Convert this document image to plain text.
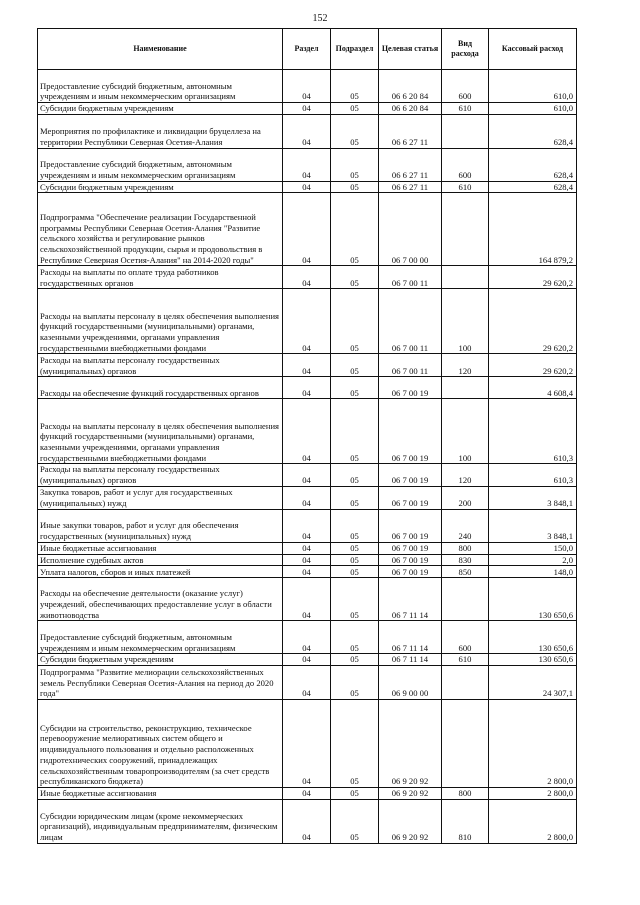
152
Наименование	Раздел	Подраздел	Целевая статья	Вид расхода	Кассовый расход
Предоставление субсидий бюджетным, автономным учреждениям и иным некоммерческим организациям	04	05	06 6 20 84	600	610,0
Субсидии бюджетным учреждениям	04	05	06 6 20 84	610	610,0
Мероприятия по профилактике и ликвидации бруцеллеза на территории Республики Северная Осетия-Алания	04	05	06 6 27 11		628,4
Предоставление субсидий бюджетным, автономным учреждениям и иным некоммерческим организациям	04	05	06 6 27 11	600	628,4
Субсидии бюджетным учреждениям	04	05	06 6 27 11	610	628,4
Подпрограмма "Обеспечение реализации Государственной программы Республики Северная Осетия-Алания "Развитие сельского хозяйства и регулирование рынков сельскохозяйственной продукции, сырья и продовольствия в Республике Северная Осетия-Алания" на 2014-2020 годы"	04	05	06 7 00 00		164 879,2
Расходы на выплаты по оплате труда работников государственных органов	04	05	06 7 00 11		29 620,2
Расходы на выплаты персоналу в целях обеспечения выполнения функций государственными (муниципальными) органами, казенными учреждениями, органами управления государственными внебюджетными фондами	04	05	06 7 00 11	100	29 620,2
Расходы на выплаты персоналу государственных (муниципальных) органов	04	05	06 7 00 11	120	29 620,2
Расходы на обеспечение функций государственных органов	04	05	06 7 00 19		4 608,4
Расходы на выплаты персоналу в целях обеспечения выполнения функций государственными (муниципальными) органами, казенными учреждениями, органами управления государственными внебюджетными фондами	04	05	06 7 00 19	100	610,3
Расходы на выплаты персоналу государственных (муниципальных) органов	04	05	06 7 00 19	120	610,3
Закупка товаров, работ и услуг для государственных (муниципальных) нужд	04	05	06 7 00 19	200	3 848,1
Иные закупки товаров, работ и услуг для обеспечения государственных (муниципальных) нужд	04	05	06 7 00 19	240	3 848,1
Иные бюджетные ассигнования	04	05	06 7 00 19	800	150,0
Исполнение судебных актов	04	05	06 7 00 19	830	2,0
Уплата налогов, сборов и иных платежей	04	05	06 7 00 19	850	148,0
Расходы на обеспечение деятельности (оказание услуг) учреждений, обеспечивающих предоставление услуг в области животноводства	04	05	06 7 11 14		130 650,6
Предоставление субсидий бюджетным, автономным учреждениям и иным некоммерческим организациям	04	05	06 7 11 14	600	130 650,6
Субсидии бюджетным учреждениям	04	05	06 7 11 14	610	130 650,6
Подпрограмма "Развитие мелиорации сельскохозяйственных земель Республики Северная Осетия-Алания на период до 2020 года"	04	05	06 9 00 00		24 307,1
Субсидии на строительство, реконструкцию, техническое перевооружение мелиоративных систем общего и индивидуального пользования и отдельно расположенных гидротехнических сооружений, принадлежащих сельскохозяйственным товаропроизводителям (за счет средств республиканского бюджета)	04	05	06 9 20 92		2 800,0
Иные бюджетные ассигнования	04	05	06 9 20 92	800	2 800,0
Субсидии юридическим лицам (кроме некоммерческих организаций), индивидуальным предпринимателям, физическим лицам	04	05	06 9 20 92	810	2 800,0
